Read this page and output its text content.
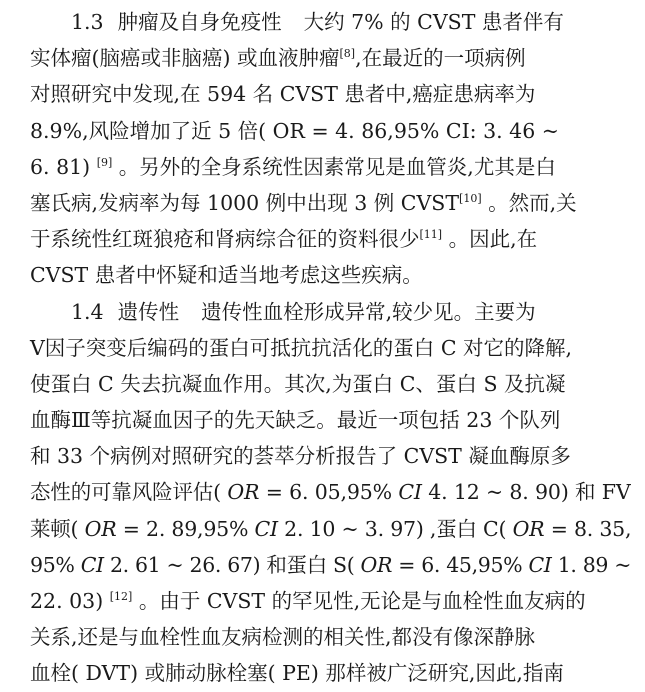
1.3 肿瘤及自身免疫性 大约 7% 的 CVST 患者伴有
实体瘤(脑癌或非脑癌) 或血液肿瘤[8],在最近的一项病例
对照研究中发现,在 594 名 CVST 患者中,癌症患病率为
8.9%,风险增加了近 5 倍( OR = 4. 86,95% CI: 3. 46 ~
6. 81) [9] 。另外的全身系统性因素常见是血管炎,尤其是白
塞氏病,发病率为每 1000 例中出现 3 例 CVST[10] 。然而,关
于系统性红斑狼疮和肾病综合征的资料很少[11] 。因此,在
CVST 患者中怀疑和适当地考虑这些疾病。
1.4 遗传性 遗传性血栓形成异常,较少见。主要为
Ⅴ因子突变后编码的蛋白可抵抗抗活化的蛋白 C 对它的降解,
使蛋白 C 失去抗凝血作用。其次,为蛋白 C、蛋白 S 及抗凝
血酶Ⅲ等抗凝血因子的先天缺乏。最近一项包括 23 个队列
和 33 个病例对照研究的荟萃分析报告了 CVST 凝血酶原多
态性的可靠风险评估( OR = 6. 05,95% CI 4. 12 ~ 8. 90) 和 FV
莱顿( OR = 2. 89,95% CI 2. 10 ~ 3. 97) ,蛋白 C( OR = 8. 35,
95% CI 2. 61 ~ 26. 67) 和蛋白 S( OR = 6. 45,95% CI 1. 89 ~
22. 03) [12] 。由于 CVST 的罕见性,无论是与血栓性血友病的
关系,还是与血栓性血友病检测的相关性,都没有像深静脉
血栓( DVT) 或肺动脉栓塞( PE) 那样被广泛研究,因此,指南
